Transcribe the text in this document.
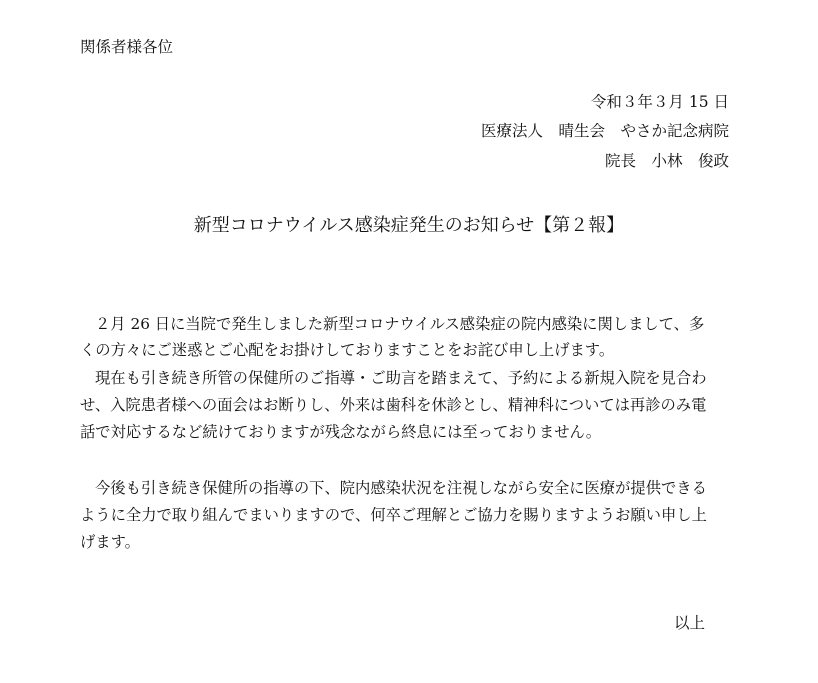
関係者様各位

令和３年３月 15 日

医療法人　晴生会　やさか記念病院

院長　小林　俊政

新型コロナウイルス感染症発生のお知らせ【第２報】

２月 26 日に当院で発生しました新型コロナウイルス感染症の院内感染に関しまして、多

くの方々にご迷惑とご心配をお掛けしておりますことをお詫び申し上げます。

現在も引き続き所管の保健所のご指導・ご助言を踏まえて、予約による新規入院を見合わ

せ、入院患者様への面会はお断りし、外来は歯科を休診とし、精神科については再診のみ電

話で対応するなど続けておりますが残念ながら終息には至っておりません。

今後も引き続き保健所の指導の下、院内感染状況を注視しながら安全に医療が提供できる

ように全力で取り組んでまいりますので、何卒ご理解とご協力を賜りますようお願い申し上

げます。

以上
